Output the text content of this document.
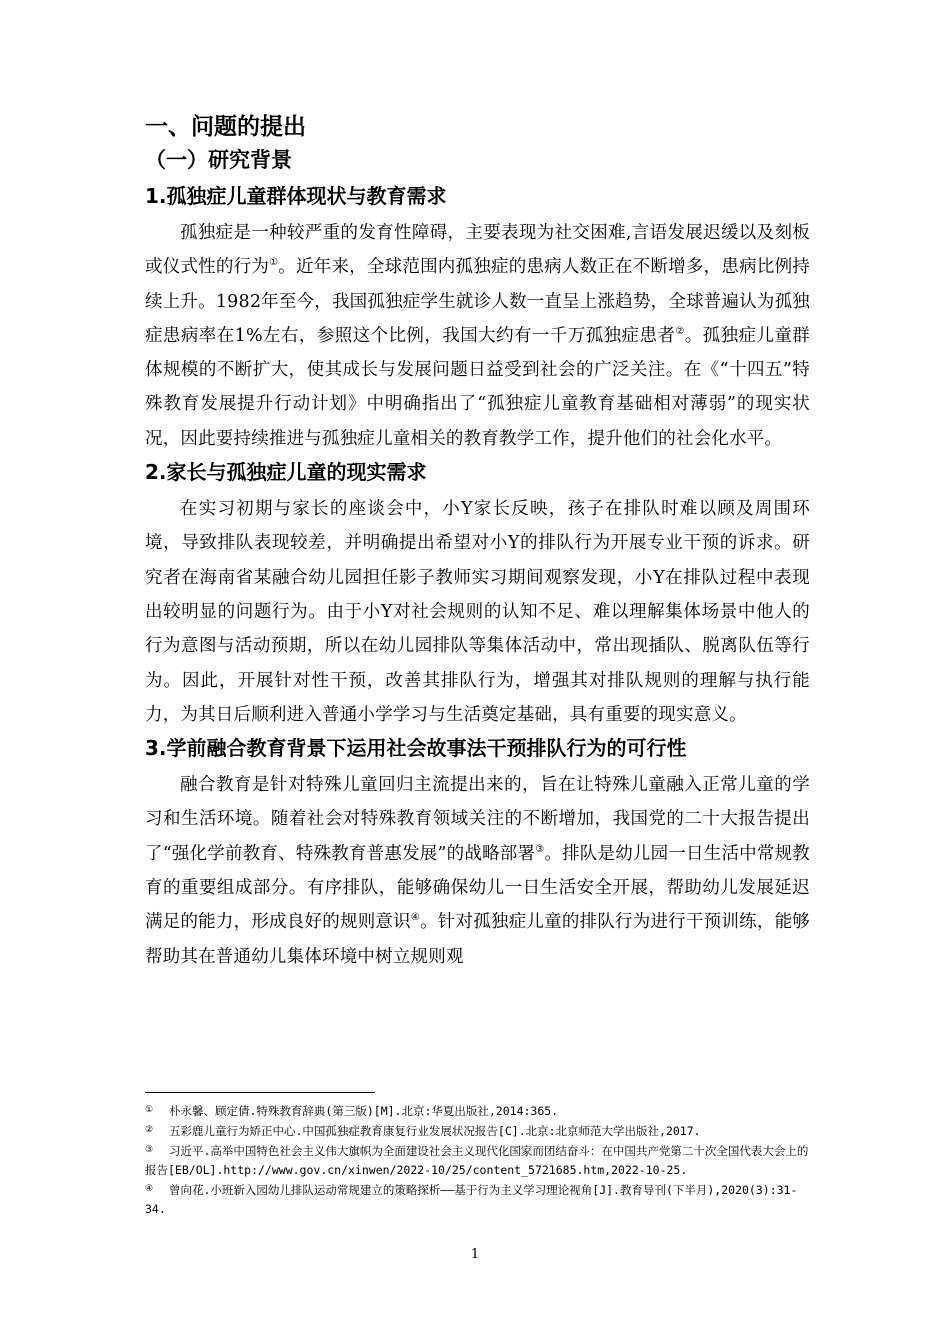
一、问题的提出
（一）研究背景
1.孤独症儿童群体现状与教育需求

孤独症是一种较严重的发育性障碍，主要表现为社交困难,言语发展迟缓以及刻板或仪式性的行为①。近年来，全球范围内孤独症的患病人数正在不断增多，患病比例持续上升。1982年至今，我国孤独症学生就诊人数一直呈上涨趋势，全球普遍认为孤独症患病率在1%左右，参照这个比例，我国大约有一千万孤独症患者②。孤独症儿童群体规模的不断扩大，使其成长与发展问题日益受到社会的广泛关注。在《“十四五”特殊教育发展提升行动计划》中明确指出了“孤独症儿童教育基础相对薄弱”的现实状况，因此要持续推进与孤独症儿童相关的教育教学工作，提升他们的社会化水平。

2.家长与孤独症儿童的现实需求

在实习初期与家长的座谈会中，小Y家长反映，孩子在排队时难以顾及周围环境，导致排队表现较差，并明确提出希望对小Y的排队行为开展专业干预的诉求。研究者在海南省某融合幼儿园担任影子教师实习期间观察发现，小Y在排队过程中表现出较明显的问题行为。由于小Y对社会规则的认知不足、难以理解集体场景中他人的行为意图与活动预期，所以在幼儿园排队等集体活动中，常出现插队、脱离队伍等行为。因此，开展针对性干预，改善其排队行为，增强其对排队规则的理解与执行能力，为其日后顺利进入普通小学学习与生活奠定基础，具有重要的现实意义。

3.学前融合教育背景下运用社会故事法干预排队行为的可行性

融合教育是针对特殊儿童回归主流提出来的，旨在让特殊儿童融入正常儿童的学习和生活环境。随着社会对特殊教育领域关注的不断增加，我国党的二十大报告提出了“强化学前教育、特殊教育普惠发展”的战略部署③。排队是幼儿园一日生活中常规教育的重要组成部分。有序排队，能够确保幼儿一日生活安全开展，帮助幼儿发展延迟满足的能力，形成良好的规则意识④。针对孤独症儿童的排队行为进行干预训练，能够帮助其在普通幼儿集体环境中树立规则观

① 朴永馨、顾定倩.特殊教育辞典(第三版)[M].北京:华夏出版社,2014:365.

② 五彩鹿儿童行为矫正中心.中国孤独症教育康复行业发展状况报告[C].北京:北京师范大学出版社,2017.

③ 习近平.高举中国特色社会主义伟大旗帜为全面建设社会主义现代化国家而团结奋斗：在中国共产党第二十次全国代表大会上的报告[EB/OL].http://www.gov.cn/xinwen/2022-10/25/content_5721685.htm,2022-10-25.

④ 曾向花.小班新入园幼儿排队运动常规建立的策略探析——基于行为主义学习理论视角[J].教育导刊(下半月),2020(3):31-34.

1
